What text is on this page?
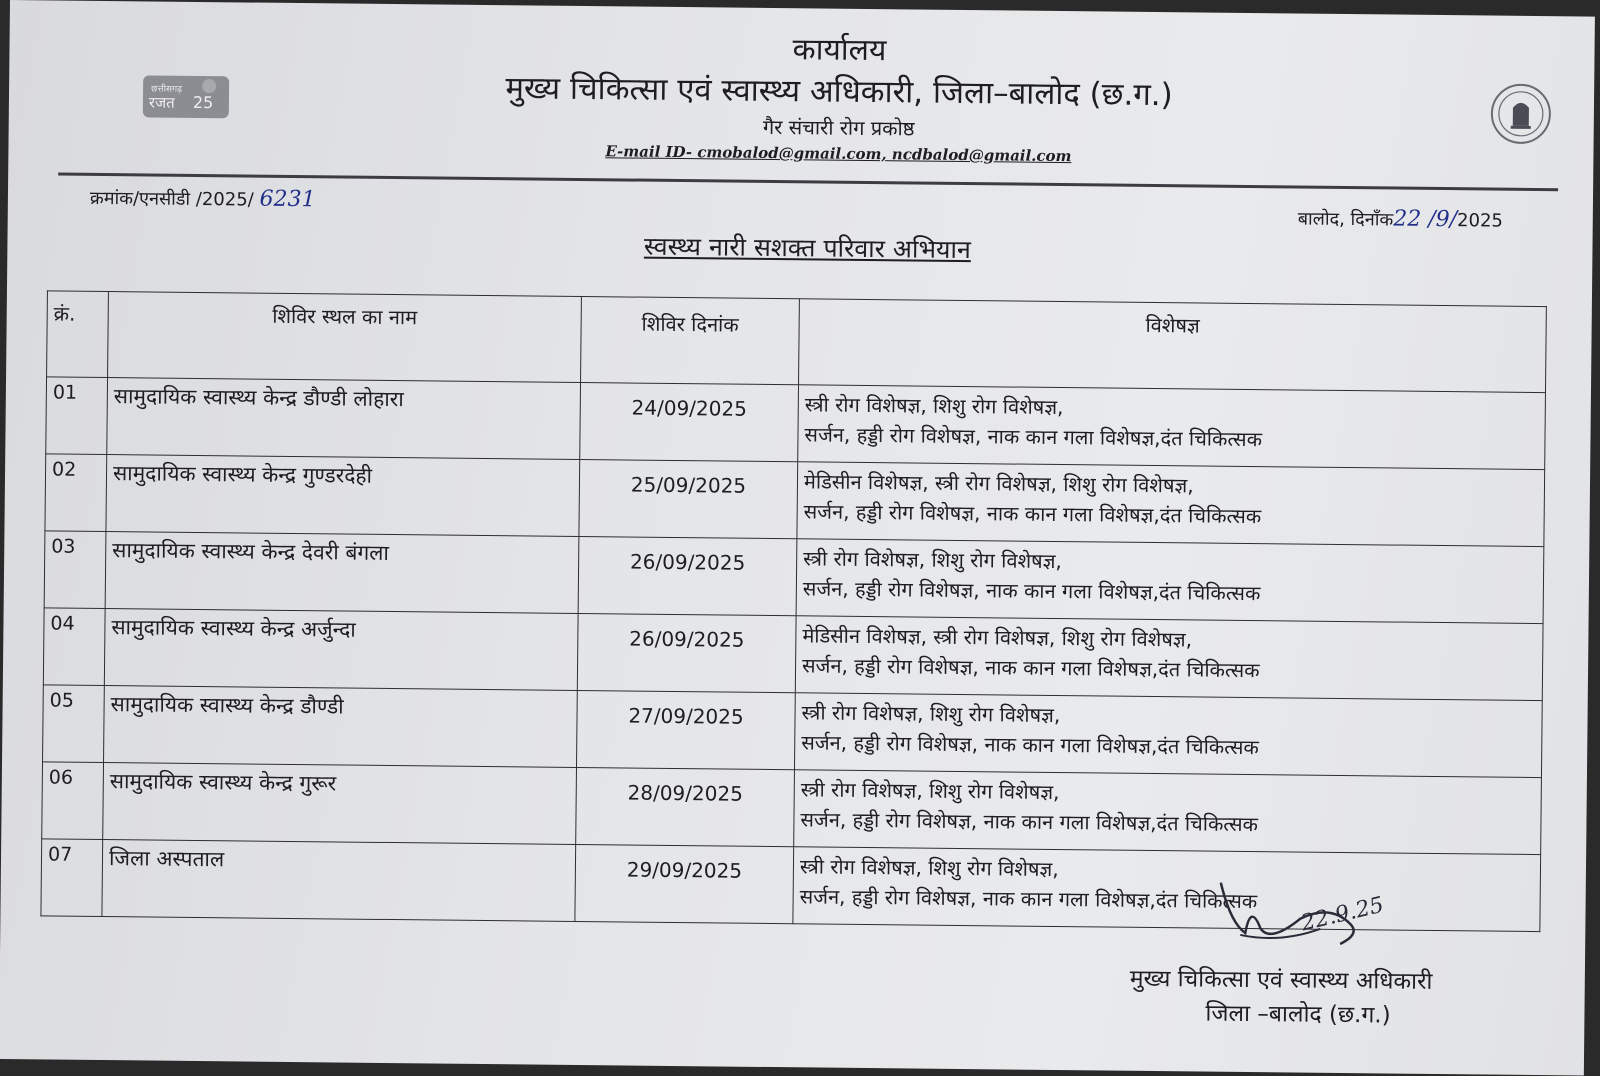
छत्तीसगढ़
रजत 25
कार्यालय
मुख्य चिकित्सा एवं स्वास्थ्य अधिकारी, जिला–बालोद (छ.ग.)
गैर संचारी रोग प्रकोष्ठ
E-mail ID- cmobalod@gmail.com, ncdbalod@gmail.com
क्रमांक/एनसीडी /2025/ 6231
बालोद, दिनाँक22 /9/2025
स्वस्थ्य नारी सशक्त परिवार अभियान
क्रं.	शिविर स्थल का नाम	शिविर दिनांक	विशेषज्ञ
01	सामुदायिक स्वास्थ्य केन्द्र डौण्डी लोहारा	24/09/2025	स्त्री रोग विशेषज्ञ, शिशु रोग विशेषज्ञ,
सर्जन, हड्डी रोग विशेषज्ञ, नाक कान गला विशेषज्ञ,दंत चिकित्सक

02	सामुदायिक स्वास्थ्य केन्द्र गुण्डरदेही	25/09/2025	मेडिसीन विशेषज्ञ, स्त्री रोग विशेषज्ञ, शिशु रोग विशेषज्ञ,
सर्जन, हड्डी रोग विशेषज्ञ, नाक कान गला विशेषज्ञ,दंत चिकित्सक

03	सामुदायिक स्वास्थ्य केन्द्र देवरी बंगला	26/09/2025	स्त्री रोग विशेषज्ञ, शिशु रोग विशेषज्ञ,
सर्जन, हड्डी रोग विशेषज्ञ, नाक कान गला विशेषज्ञ,दंत चिकित्सक

04	सामुदायिक स्वास्थ्य केन्द्र अर्जुन्दा	26/09/2025	मेडिसीन विशेषज्ञ, स्त्री रोग विशेषज्ञ, शिशु रोग विशेषज्ञ,
सर्जन, हड्डी रोग विशेषज्ञ, नाक कान गला विशेषज्ञ,दंत चिकित्सक

05	सामुदायिक स्वास्थ्य केन्द्र डौण्डी	27/09/2025	स्त्री रोग विशेषज्ञ, शिशु रोग विशेषज्ञ,
सर्जन, हड्डी रोग विशेषज्ञ, नाक कान गला विशेषज्ञ,दंत चिकित्सक

06	सामुदायिक स्वास्थ्य केन्द्र गुरूर	28/09/2025	स्त्री रोग विशेषज्ञ, शिशु रोग विशेषज्ञ,
सर्जन, हड्डी रोग विशेषज्ञ, नाक कान गला विशेषज्ञ,दंत चिकित्सक

07	जिला अस्पताल	29/09/2025	स्त्री रोग विशेषज्ञ, शिशु रोग विशेषज्ञ,
सर्जन, हड्डी रोग विशेषज्ञ, नाक कान गला विशेषज्ञ,दंत चिकित्सक	22.9.25
मुख्य चिकित्सा एवं स्वास्थ्य अधिकारी
जिला –बालोद (छ.ग.)
